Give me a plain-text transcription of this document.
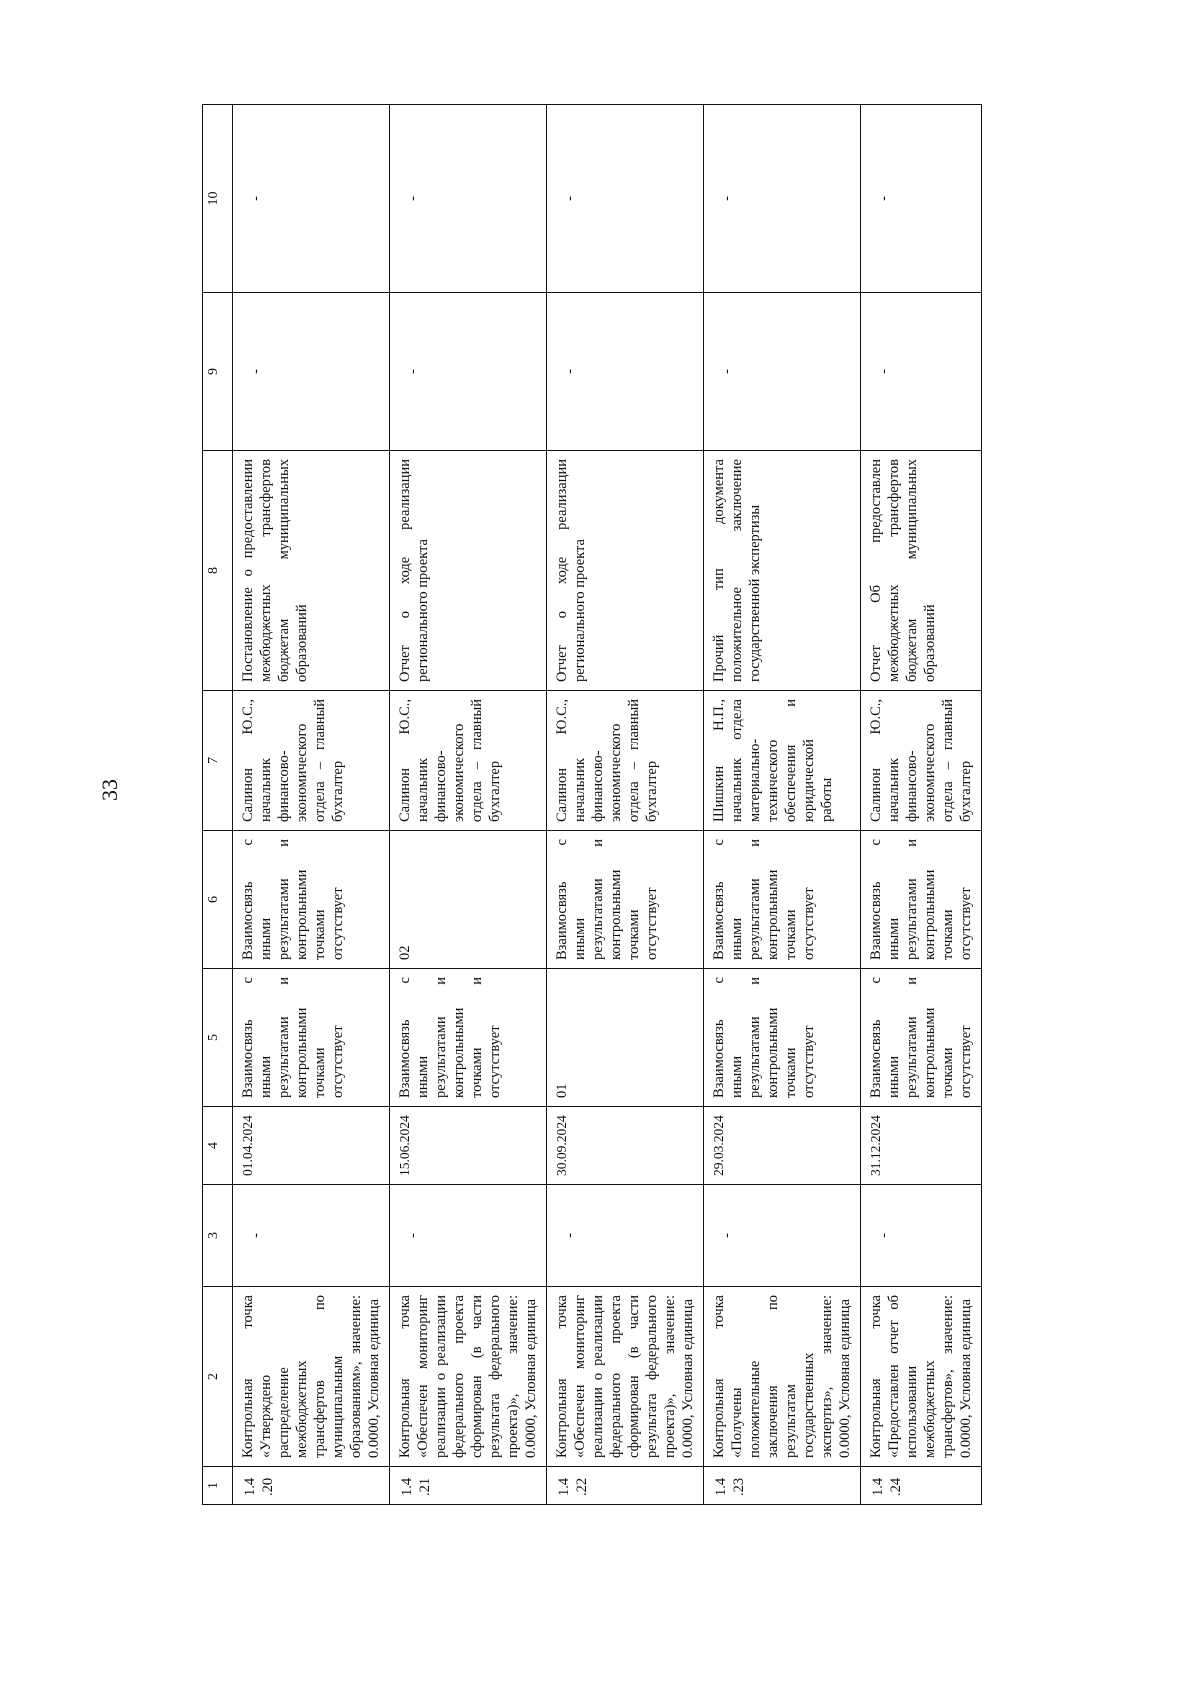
33
1	2	3	4	5	6	7	8	9	10
1.4.20	Контрольная точка «Утверждено распределение межбюджетных трансфертов по муниципальным образованиям», значение: 0.0000, Условная единица	-	01.04.2024	Взаимосвязь с иными результатами и контрольными точками отсутствует	Взаимосвязь с иными результатами и контрольными точками отсутствует	Салинон Ю.С., начальник финансово-экономического отдела – главный бухгалтер	Постановление о предоставлении межбюджетных трансфертов бюджетам муниципальных образований	-	-
1.4.21	Контрольная точка «Обеспечен мониторинг реализации о реализации федерального проекта сформирован (в части результата федерального проекта)», значение: 0.0000, Условная единица	-	15.06.2024	Взаимосвязь с иными результатами и контрольными точками и отсутствует	02	Салинон Ю.С., начальник финансово-экономического отдела – главный бухгалтер	Отчет о ходе реализации регионального проекта	-	-
1.4.22	Контрольная точка «Обеспечен мониторинг реализации о реализации федерального проекта сформирован (в части результата федерального проекта)», значение: 0.0000, Условная единица	-	30.09.2024	01	Взаимосвязь с иными результатами и контрольными точками отсутствует	Салинон Ю.С., начальник финансово-экономического отдела – главный бухгалтер	Отчет о ходе реализации регионального проекта	-	-
1.4.23	Контрольная точка «Получены положительные заключения по результатам государственных экспертиз», значение: 0.0000, Условная единица	-	29.03.2024	Взаимосвязь с иными результатами и контрольными точками отсутствует	Взаимосвязь с иными результатами и контрольными точками отсутствует	Шишкин Н.П., начальник отдела материально-технического обеспечения и юридической работы	Прочий тип документа положительное заключение государственной экспертизы	-	-
1.4.24	Контрольная точка «Предоставлен отчет об использовании межбюджетных трансфертов», значение: 0.0000, Условная единица	-	31.12.2024	Взаимосвязь с иными результатами и контрольными точками отсутствует	Взаимосвязь с иными результатами и контрольными точками отсутствует	Салинон Ю.С., начальник финансово-экономического отдела – главный бухгалтер	Отчет Об предоставлен межбюджетных трансфертов бюджетам муниципальных образований	-	-
